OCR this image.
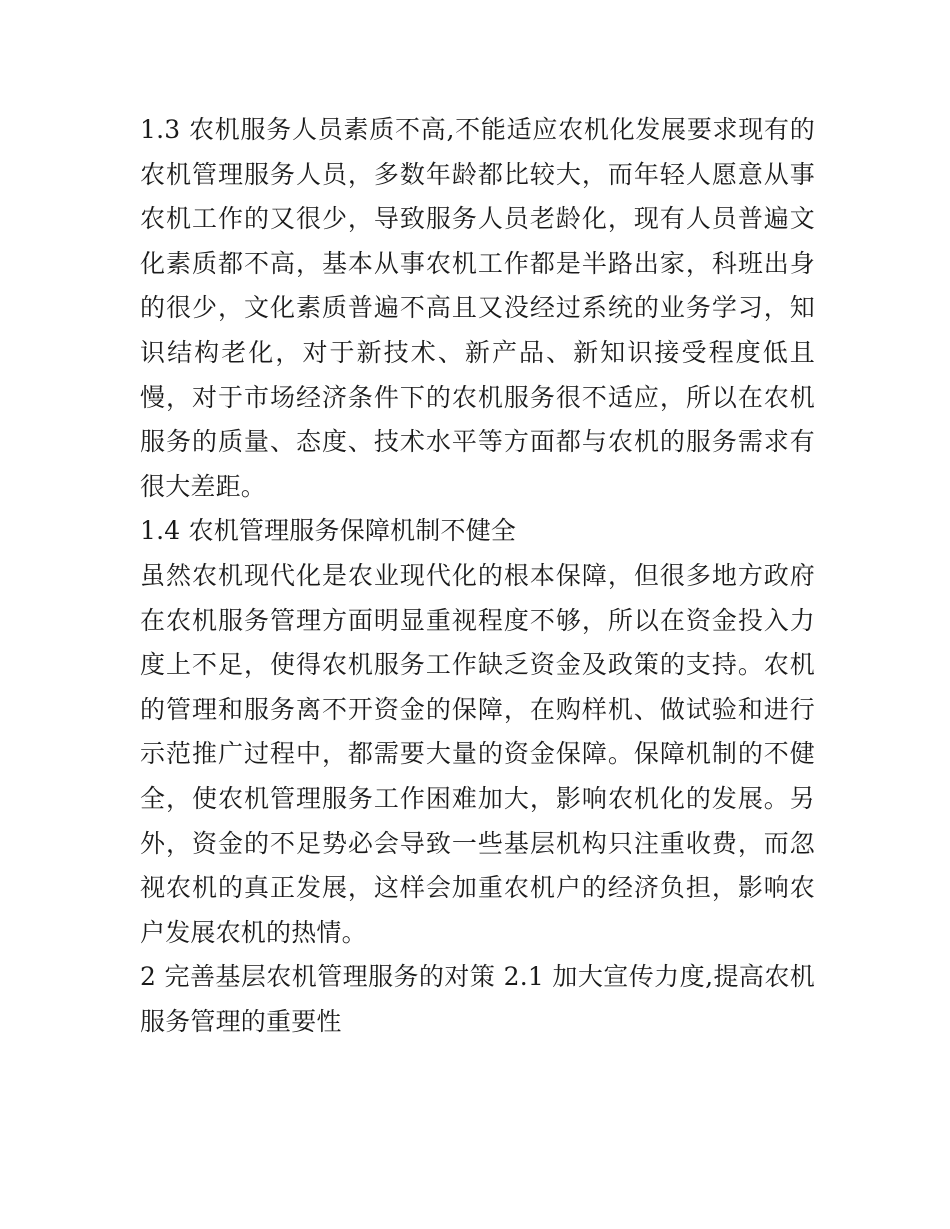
1.3 农机服务人员素质不高,不能适应农机化发展要求现有的农机管理服务人员，多数年龄都比较大，而年轻人愿意从事农机工作的又很少，导致服务人员老龄化，现有人员普遍文化素质都不高，基本从事农机工作都是半路出家，科班出身的很少，文化素质普遍不高且又没经过系统的业务学习，知识结构老化，对于新技术、新产品、新知识接受程度低且慢，对于市场经济条件下的农机服务很不适应，所以在农机服务的质量、态度、技术水平等方面都与农机的服务需求有很大差距。

1.4 农机管理服务保障机制不健全

虽然农机现代化是农业现代化的根本保障，但很多地方政府在农机服务管理方面明显重视程度不够，所以在资金投入力度上不足，使得农机服务工作缺乏资金及政策的支持。农机的管理和服务离不开资金的保障，在购样机、做试验和进行示范推广过程中，都需要大量的资金保障。保障机制的不健全，使农机管理服务工作困难加大，影响农机化的发展。另外，资金的不足势必会导致一些基层机构只注重收费，而忽视农机的真正发展，这样会加重农机户的经济负担，影响农户发展农机的热情。

2 完善基层农机管理服务的对策 2.1 加大宣传力度,提高农机服务管理的重要性
